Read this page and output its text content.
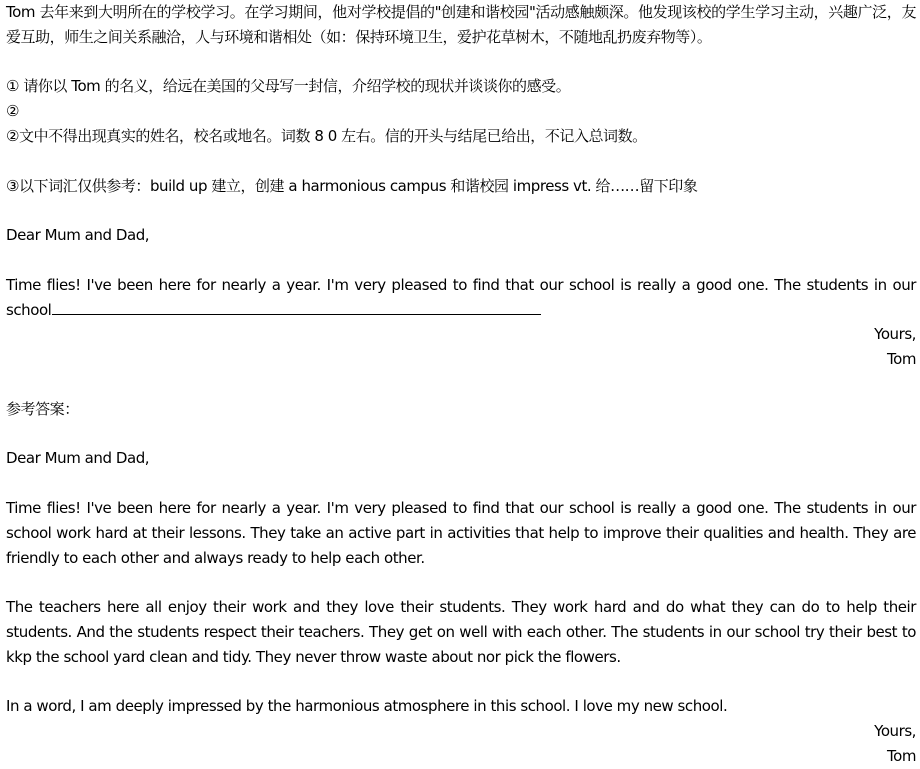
Tom 去年来到大明所在的学校学习。在学习期间，他对学校提倡的"创建和谐校园"活动感触颇深。他发现该校的学生学习主动，兴趣广泛，友爱互助，师生之间关系融洽，人与环境和谐相处（如：保持环境卫生，爱护花草树木，不随地乱扔废弃物等）。

① 请你以 Tom 的名义，给远在美国的父母写一封信，介绍学校的现状并谈谈你的感受。

②

②文中不得出现真实的姓名，校名或地名。词数 8 0 左右。信的开头与结尾已给出，不记入总词数。

③以下词汇仅供参考：build up 建立，创建 a harmonious campus 和谐校园 impress vt. 给……留下印象

Dear Mum and Dad,

Time flies! I've been here for nearly a year. I'm very pleased to find that our school is really a good one. The students in our school

Yours,

Tom

参考答案：

Dear Mum and Dad,

Time flies! I've been here for nearly a year. I'm very pleased to find that our school is really a good one. The students in our school work hard at their lessons. They take an active part in activities that help to improve their qualities and health. They are friendly to each other and always ready to help each other.

The teachers here all enjoy their work and they love their students. They work hard and do what they can do to help their students. And the students respect their teachers. They get on well with each other. The students in our school try their best to kkp the school yard clean and tidy. They never throw waste about nor pick the flowers.

In a word, I am deeply impressed by the harmonious atmosphere in this school. I love my new school.

Yours,

Tom
